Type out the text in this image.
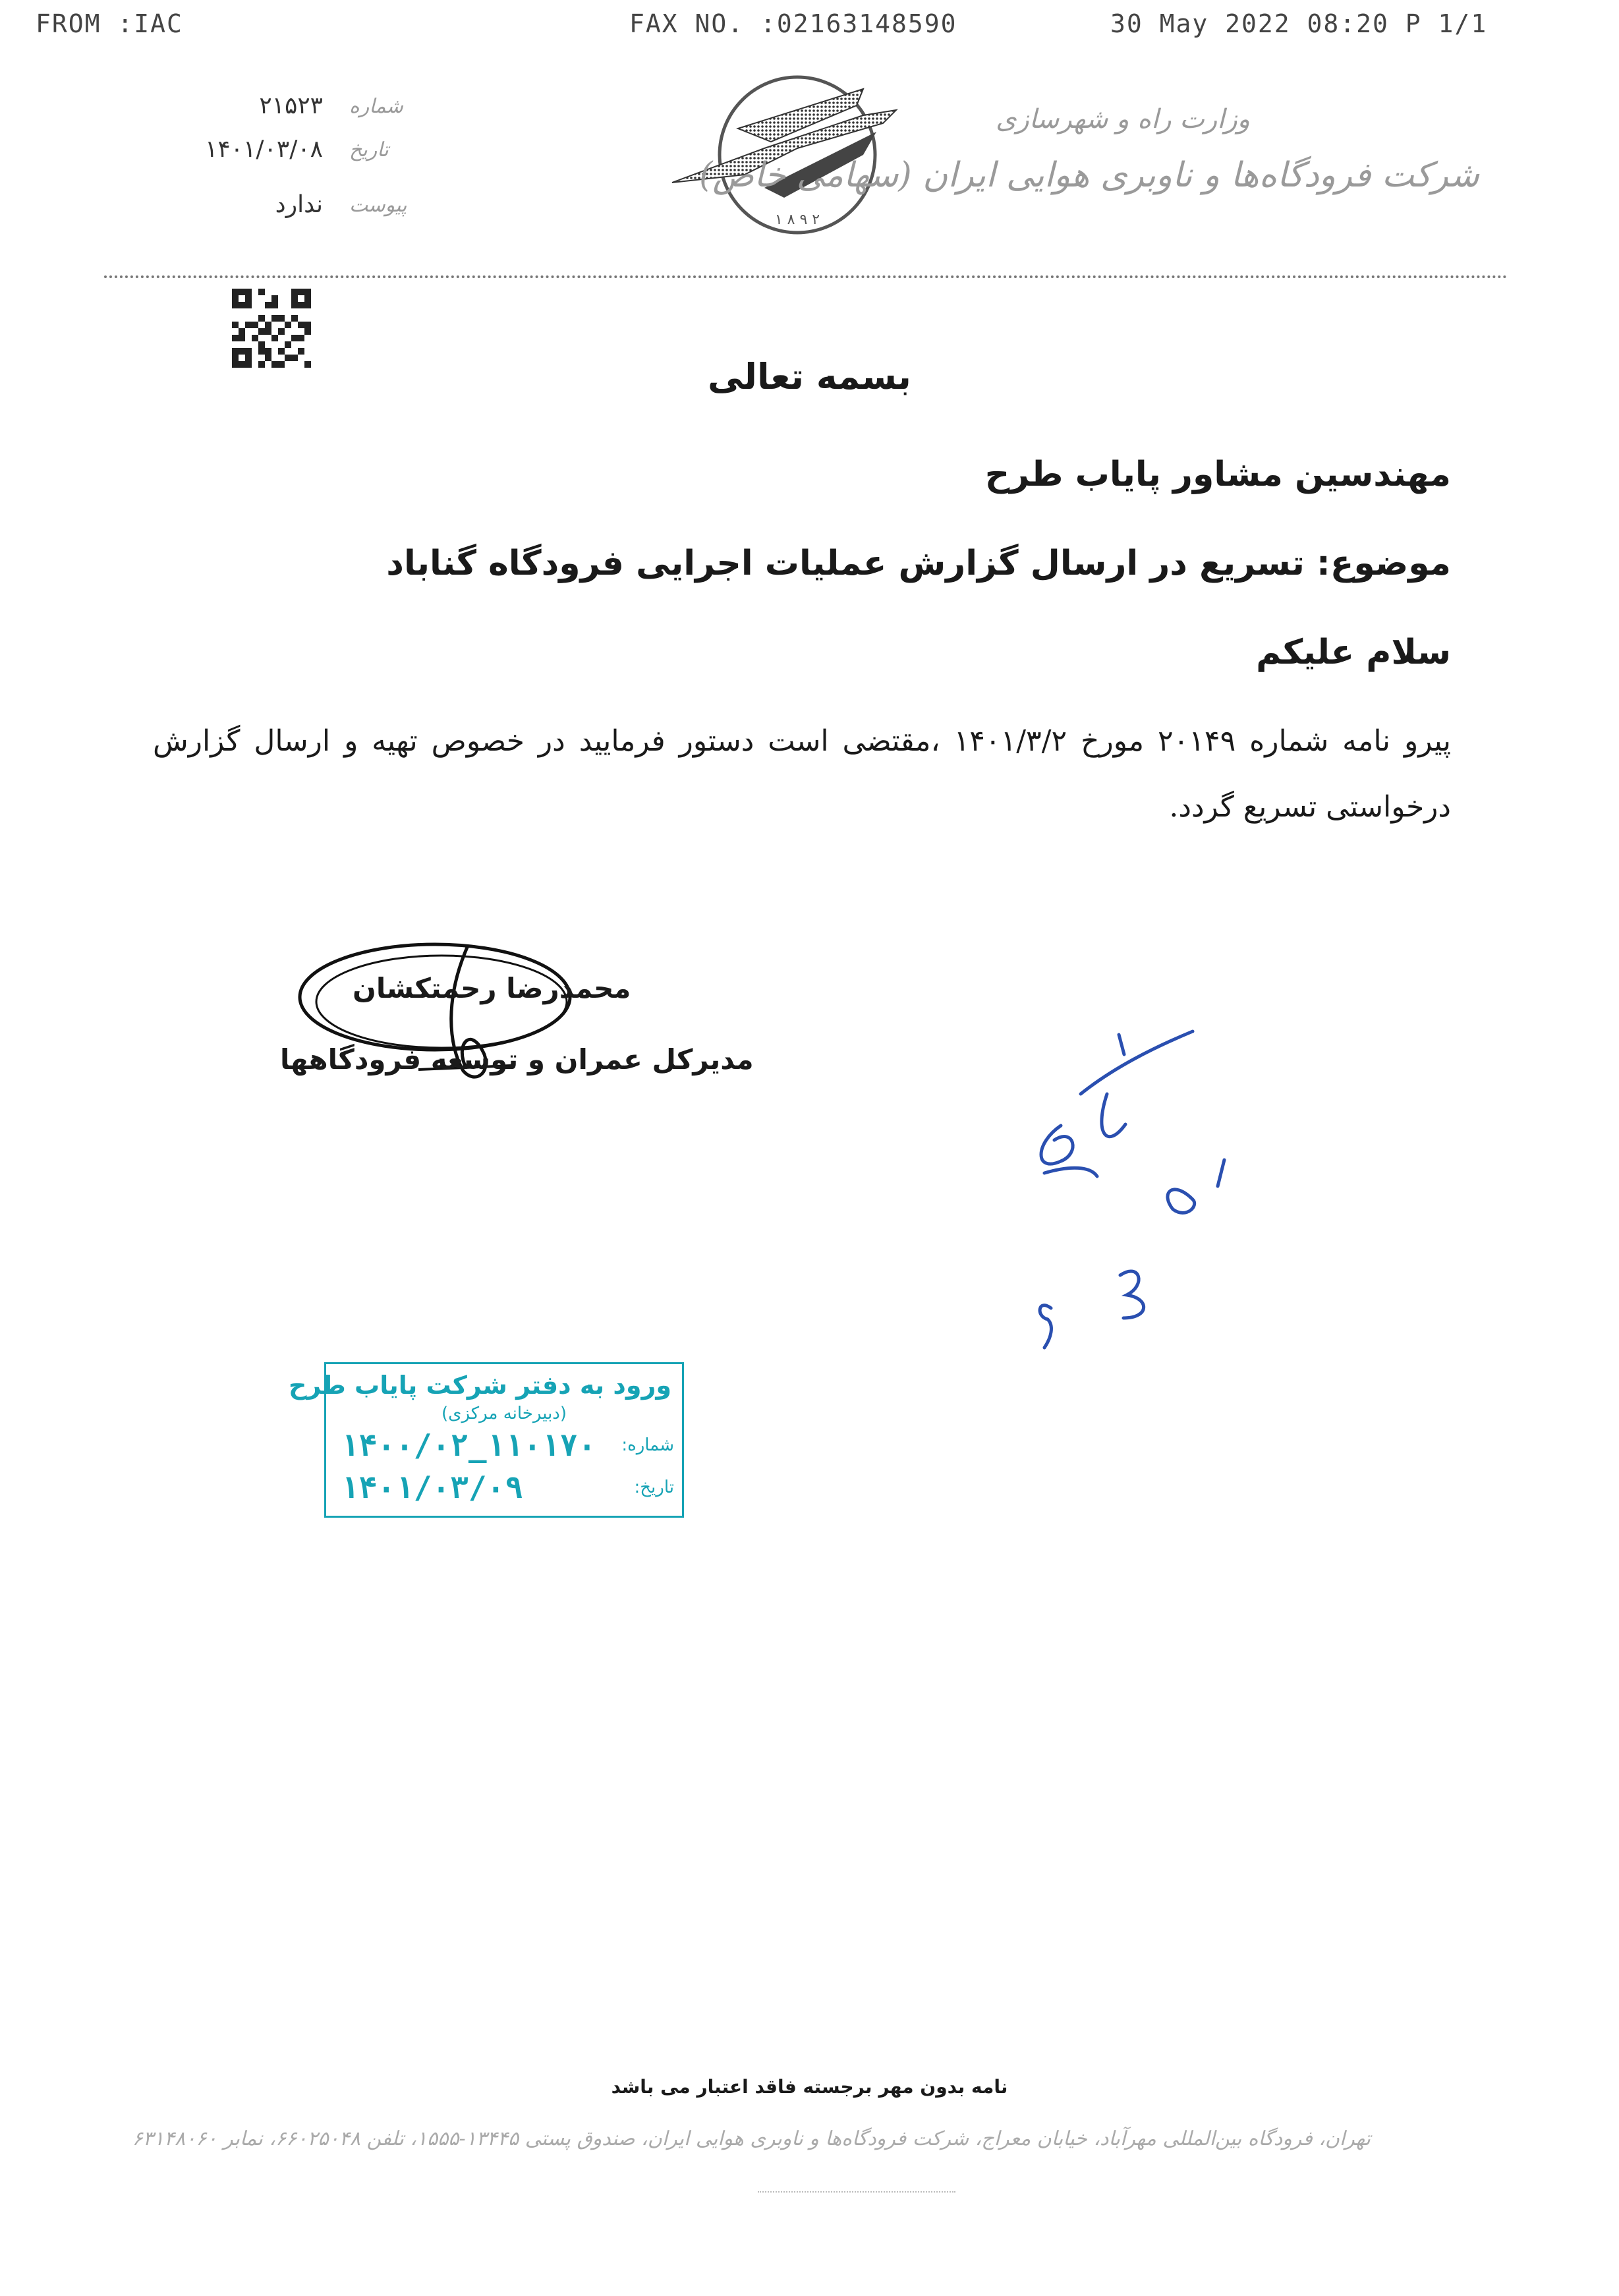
FROM :IAC	FAX NO. :02163148590	30 May 2022 08:20 P 1/1
۲۱۵۲۳ شماره
۱۴۰۱/۰۳/۰۸ تاریخ
ندارد پیوست
۱ ۸ ۹ ۲
وزارت راه و شهرسازی
شرکت فرودگاه‌ها و ناوبری هوایی ایران (سهامی خاص)
بسمه تعالی
مهندسین مشاور پایاب طرح
موضوع: تسریع در ارسال گزارش عملیات اجرایی فرودگاه گناباد
سلام علیکم
پیرو نامه شماره ۲۰۱۴۹ مورخ ۱۴۰۱/۳/۲ ،مقتضی است دستور فرمایید در خصوص تهیه و ارسال گزارش درخواستی تسریع گردد.
محمدرضا رحمتکشان
مدیرکل عمران و توسعه فرودگاهها
ورود به دفتر شرکت پایاب طرح
(دبیرخانه مرکزی)
شماره:
۱۴۰۰/۰۲_۱۱۰۱۷۰
تاریخ:
۱۴۰۱/۰۳/۰۹
نامه بدون مهر برجسته فاقد اعتبار می باشد
تهران، فرودگاه بین‌المللی مهرآباد، خیابان معراج، شرکت فرودگاه‌ها و ناوبری هوایی ایران، صندوق پستی ۱۳۴۴۵-۱۵۵۵، تلفن ۶۶۰۲۵۰۴۸، نمابر ۶۳۱۴۸۰۶۰
